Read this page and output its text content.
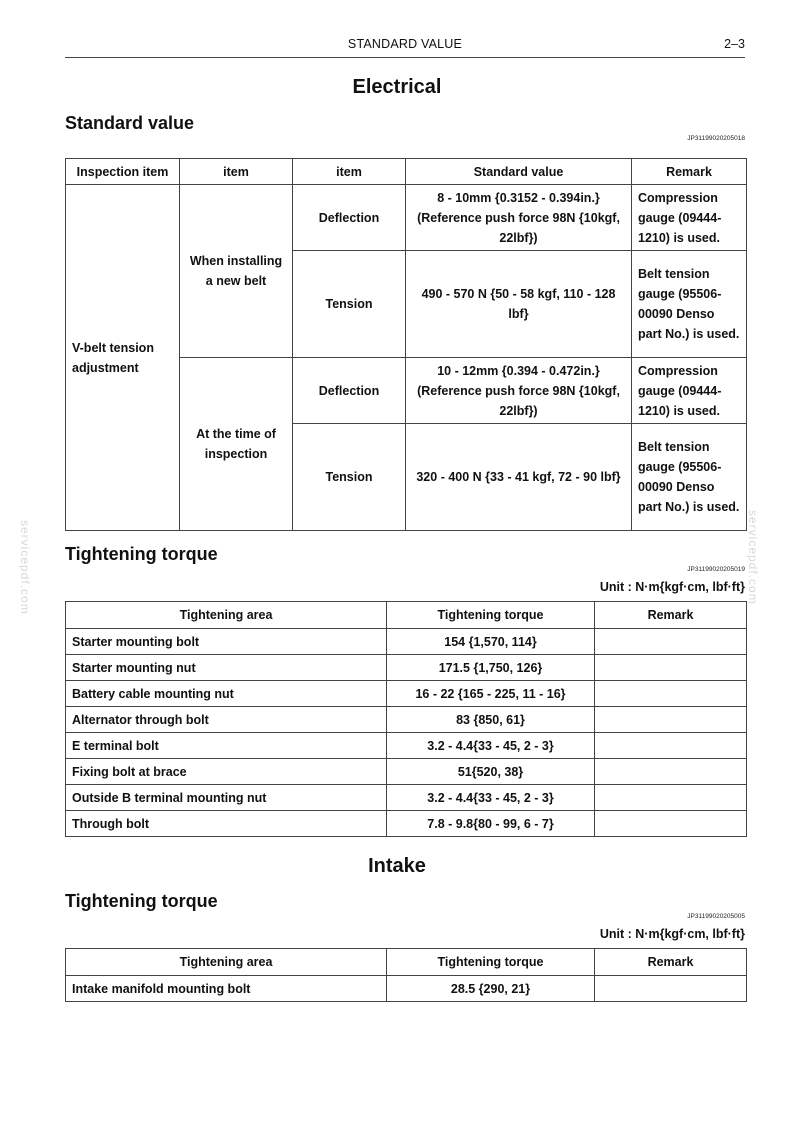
STANDARD VALUE	2–3
Electrical
Standard value
JP31199020205018
Inspection item	item	item	Standard value	Remark
V-belt tension adjustment	When installing a new belt	Deflection	8 - 10mm {0.3152 - 0.394in.} (Reference push force 98N {10kgf, 22lbf})	Compression gauge (09444-1210) is used.
		Tension	490 - 570 N {50 - 58 kgf, 110 - 128 lbf}	Belt tension gauge (95506-00090 Denso part No.) is used.
	At the time of inspection	Deflection	10 - 12mm {0.394 - 0.472in.} (Reference push force 98N {10kgf, 22lbf})	Compression gauge (09444-1210) is used.
		Tension	320 - 400 N {33 - 41 kgf, 72 - 90 lbf}	Belt tension gauge (95506-00090 Denso part No.) is used.
Tightening torque
JP31199020205019
Unit : N·m{kgf·cm, lbf·ft}
Tightening area	Tightening torque	Remark
Starter mounting bolt	154 {1,570, 114}	
Starter mounting nut	171.5 {1,750, 126}	
Battery cable mounting nut	16 - 22 {165 - 225, 11 - 16}	
Alternator through bolt	83 {850, 61}	
E terminal bolt	3.2 - 4.4{33 - 45, 2 - 3}	
Fixing bolt at brace	51{520, 38}	
Outside B terminal mounting nut	3.2 - 4.4{33 - 45, 2 - 3}	
Through bolt	7.8 - 9.8{80 - 99, 6 - 7}	
Intake
Tightening torque
JP31199020205005
Unit : N·m{kgf·cm, lbf·ft}
Tightening area	Tightening torque	Remark
Intake manifold mounting bolt	28.5 {290, 21}	
servicepdf.com	servicepdf.com
